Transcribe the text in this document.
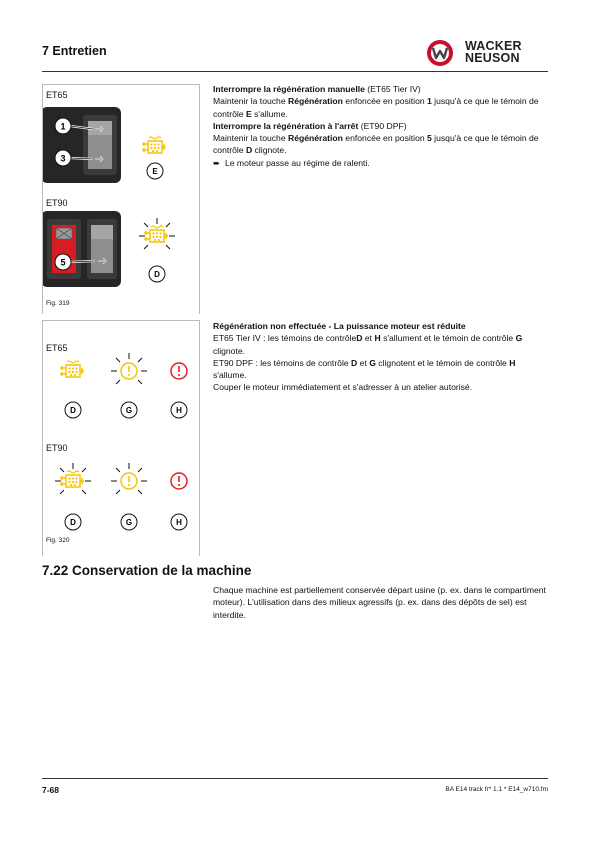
7 Entretien	WACKER
NEUSON
ET65
ET90
1
3
E
5
D
Fig. 319
ET65
ET90
D	G	H
D	G	H
Fig. 320

Interrompre la régénération manuelle (ET65 Tier IV)

Maintenir la touche Régénération enfoncée en position 1 jusqu'à ce que le témoin de contrôle E s'allume.

Interrompre la régénération à l'arrêt (ET90 DPF)

Maintenir la touche Régénération enfoncée en position 5 jusqu'à ce que le témoin de contrôle D clignote.

➨ Le moteur passe au régime de ralenti.

Régénération non effectuée - La puissance moteur est réduite

ET65 Tier IV : les témoins de contrôleD et H s'allument et le témoin de contrôle G clignote.

ET90 DPF : les témoins de contrôle D et G clignotent et le témoin de contrôle H s'allume.

Couper le moteur immédiatement et s'adresser à un atelier autorisé.

7.22 Conservation de la machine
Chaque machine est partiellement conservée départ usine (p. ex. dans le compartiment moteur). L'utilisation dans des milieux agressifs (p. ex. dans des dépôts de sel) est interdite.
7-68	BA E14 track fr* 1.1 * E14_w710.fm
